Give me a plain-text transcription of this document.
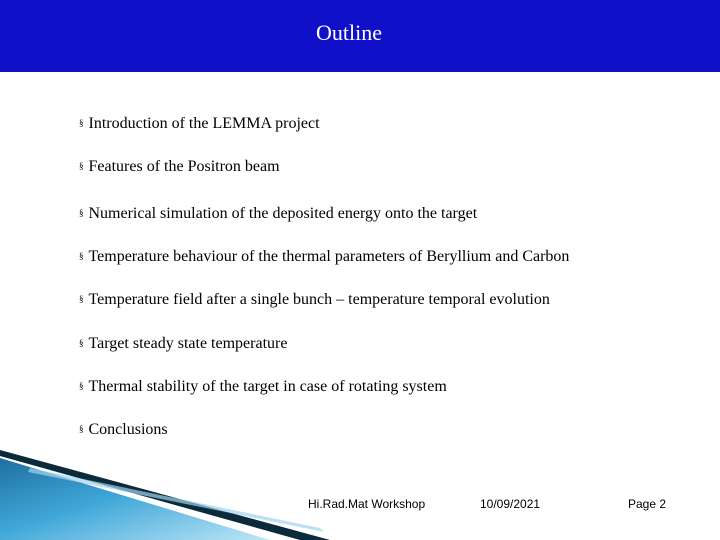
Outline
§ Introduction of the LEMMA project
§ Features of the Positron beam
§ Numerical simulation of the deposited energy onto the target
§ Temperature behaviour of the thermal parameters of Beryllium and Carbon
§ Temperature field after a single bunch – temperature temporal evolution
§ Target steady state temperature
§ Thermal stability of the target in case of rotating system
§ Conclusions
Hi.Rad.Mat Workshop	10/09/2021	Page 2
